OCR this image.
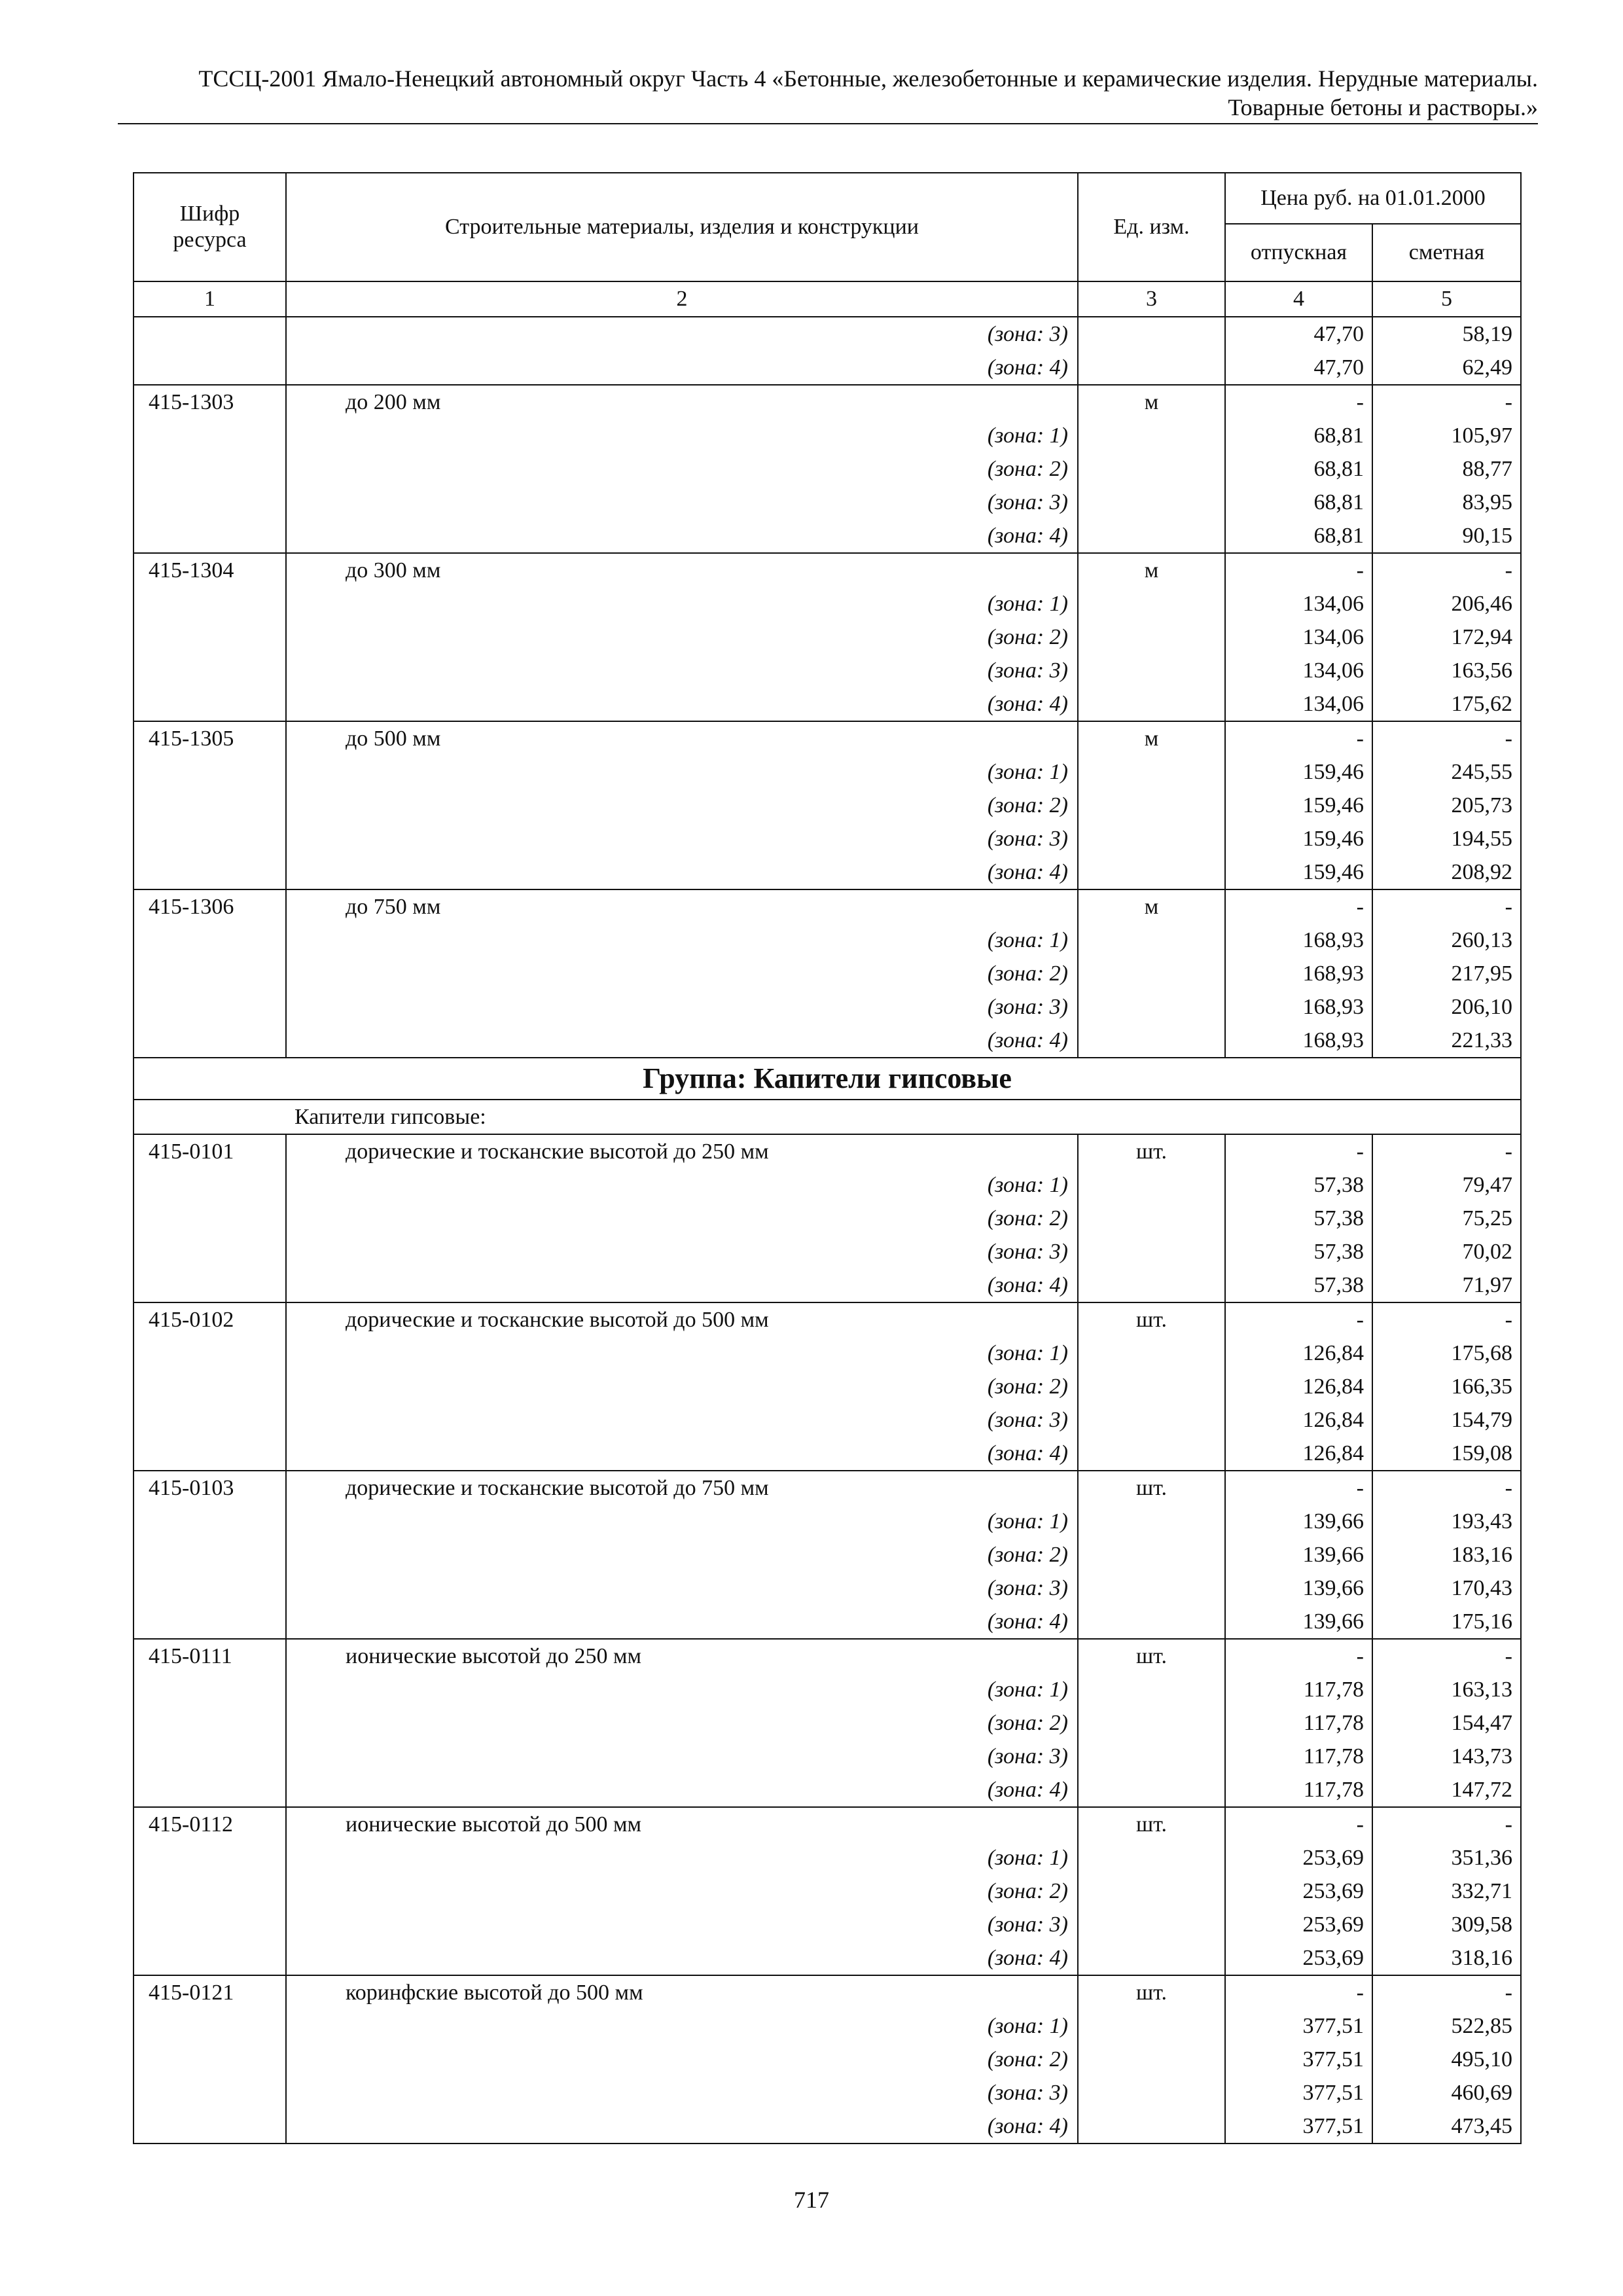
ТССЦ-2001 Ямало-Ненецкий автономный округ Часть 4 «Бетонные, железобетонные и керамические изделия. Нерудные материалы.
Товарные бетоны и растворы.»
Шифр ресурса	Строительные материалы, изделия и конструкции	Ед. изм.	Цена руб. на 01.01.2000	
			отпускная	сметная
1	2	3	4	5
	(зона: 3)		47,70	58,19
	(зона: 4)		47,70	62,49
415-1303	до 200 мм	м	-	-
	(зона: 1)		68,81	105,97
	(зона: 2)		68,81	88,77
	(зона: 3)		68,81	83,95
	(зона: 4)		68,81	90,15
415-1304	до 300 мм	м	-	-
	(зона: 1)		134,06	206,46
	(зона: 2)		134,06	172,94
	(зона: 3)		134,06	163,56
	(зона: 4)		134,06	175,62
415-1305	до 500 мм	м	-	-
	(зона: 1)		159,46	245,55
	(зона: 2)		159,46	205,73
	(зона: 3)		159,46	194,55
	(зона: 4)		159,46	208,92
415-1306	до 750 мм	м	-	-
	(зона: 1)		168,93	260,13
	(зона: 2)		168,93	217,95
	(зона: 3)		168,93	206,10
	(зона: 4)		168,93	221,33
Группа: Капители гипсовые				
Капители гипсовые:				
415-0101	дорические и тосканские высотой до 250 мм	шт.	-	-
	(зона: 1)		57,38	79,47
	(зона: 2)		57,38	75,25
	(зона: 3)		57,38	70,02
	(зона: 4)		57,38	71,97
415-0102	дорические и тосканские высотой до 500 мм	шт.	-	-
	(зона: 1)		126,84	175,68
	(зона: 2)		126,84	166,35
	(зона: 3)		126,84	154,79
	(зона: 4)		126,84	159,08
415-0103	дорические и тосканские высотой до 750 мм	шт.	-	-
	(зона: 1)		139,66	193,43
	(зона: 2)		139,66	183,16
	(зона: 3)		139,66	170,43
	(зона: 4)		139,66	175,16
415-0111	ионические высотой до 250 мм	шт.	-	-
	(зона: 1)		117,78	163,13
	(зона: 2)		117,78	154,47
	(зона: 3)		117,78	143,73
	(зона: 4)		117,78	147,72
415-0112	ионические высотой до 500 мм	шт.	-	-
	(зона: 1)		253,69	351,36
	(зона: 2)		253,69	332,71
	(зона: 3)		253,69	309,58
	(зона: 4)		253,69	318,16
415-0121	коринфские высотой до 500 мм	шт.	-	-
	(зона: 1)		377,51	522,85
	(зона: 2)		377,51	495,10
	(зона: 3)		377,51	460,69
	(зона: 4)		377,51	473,45
717
